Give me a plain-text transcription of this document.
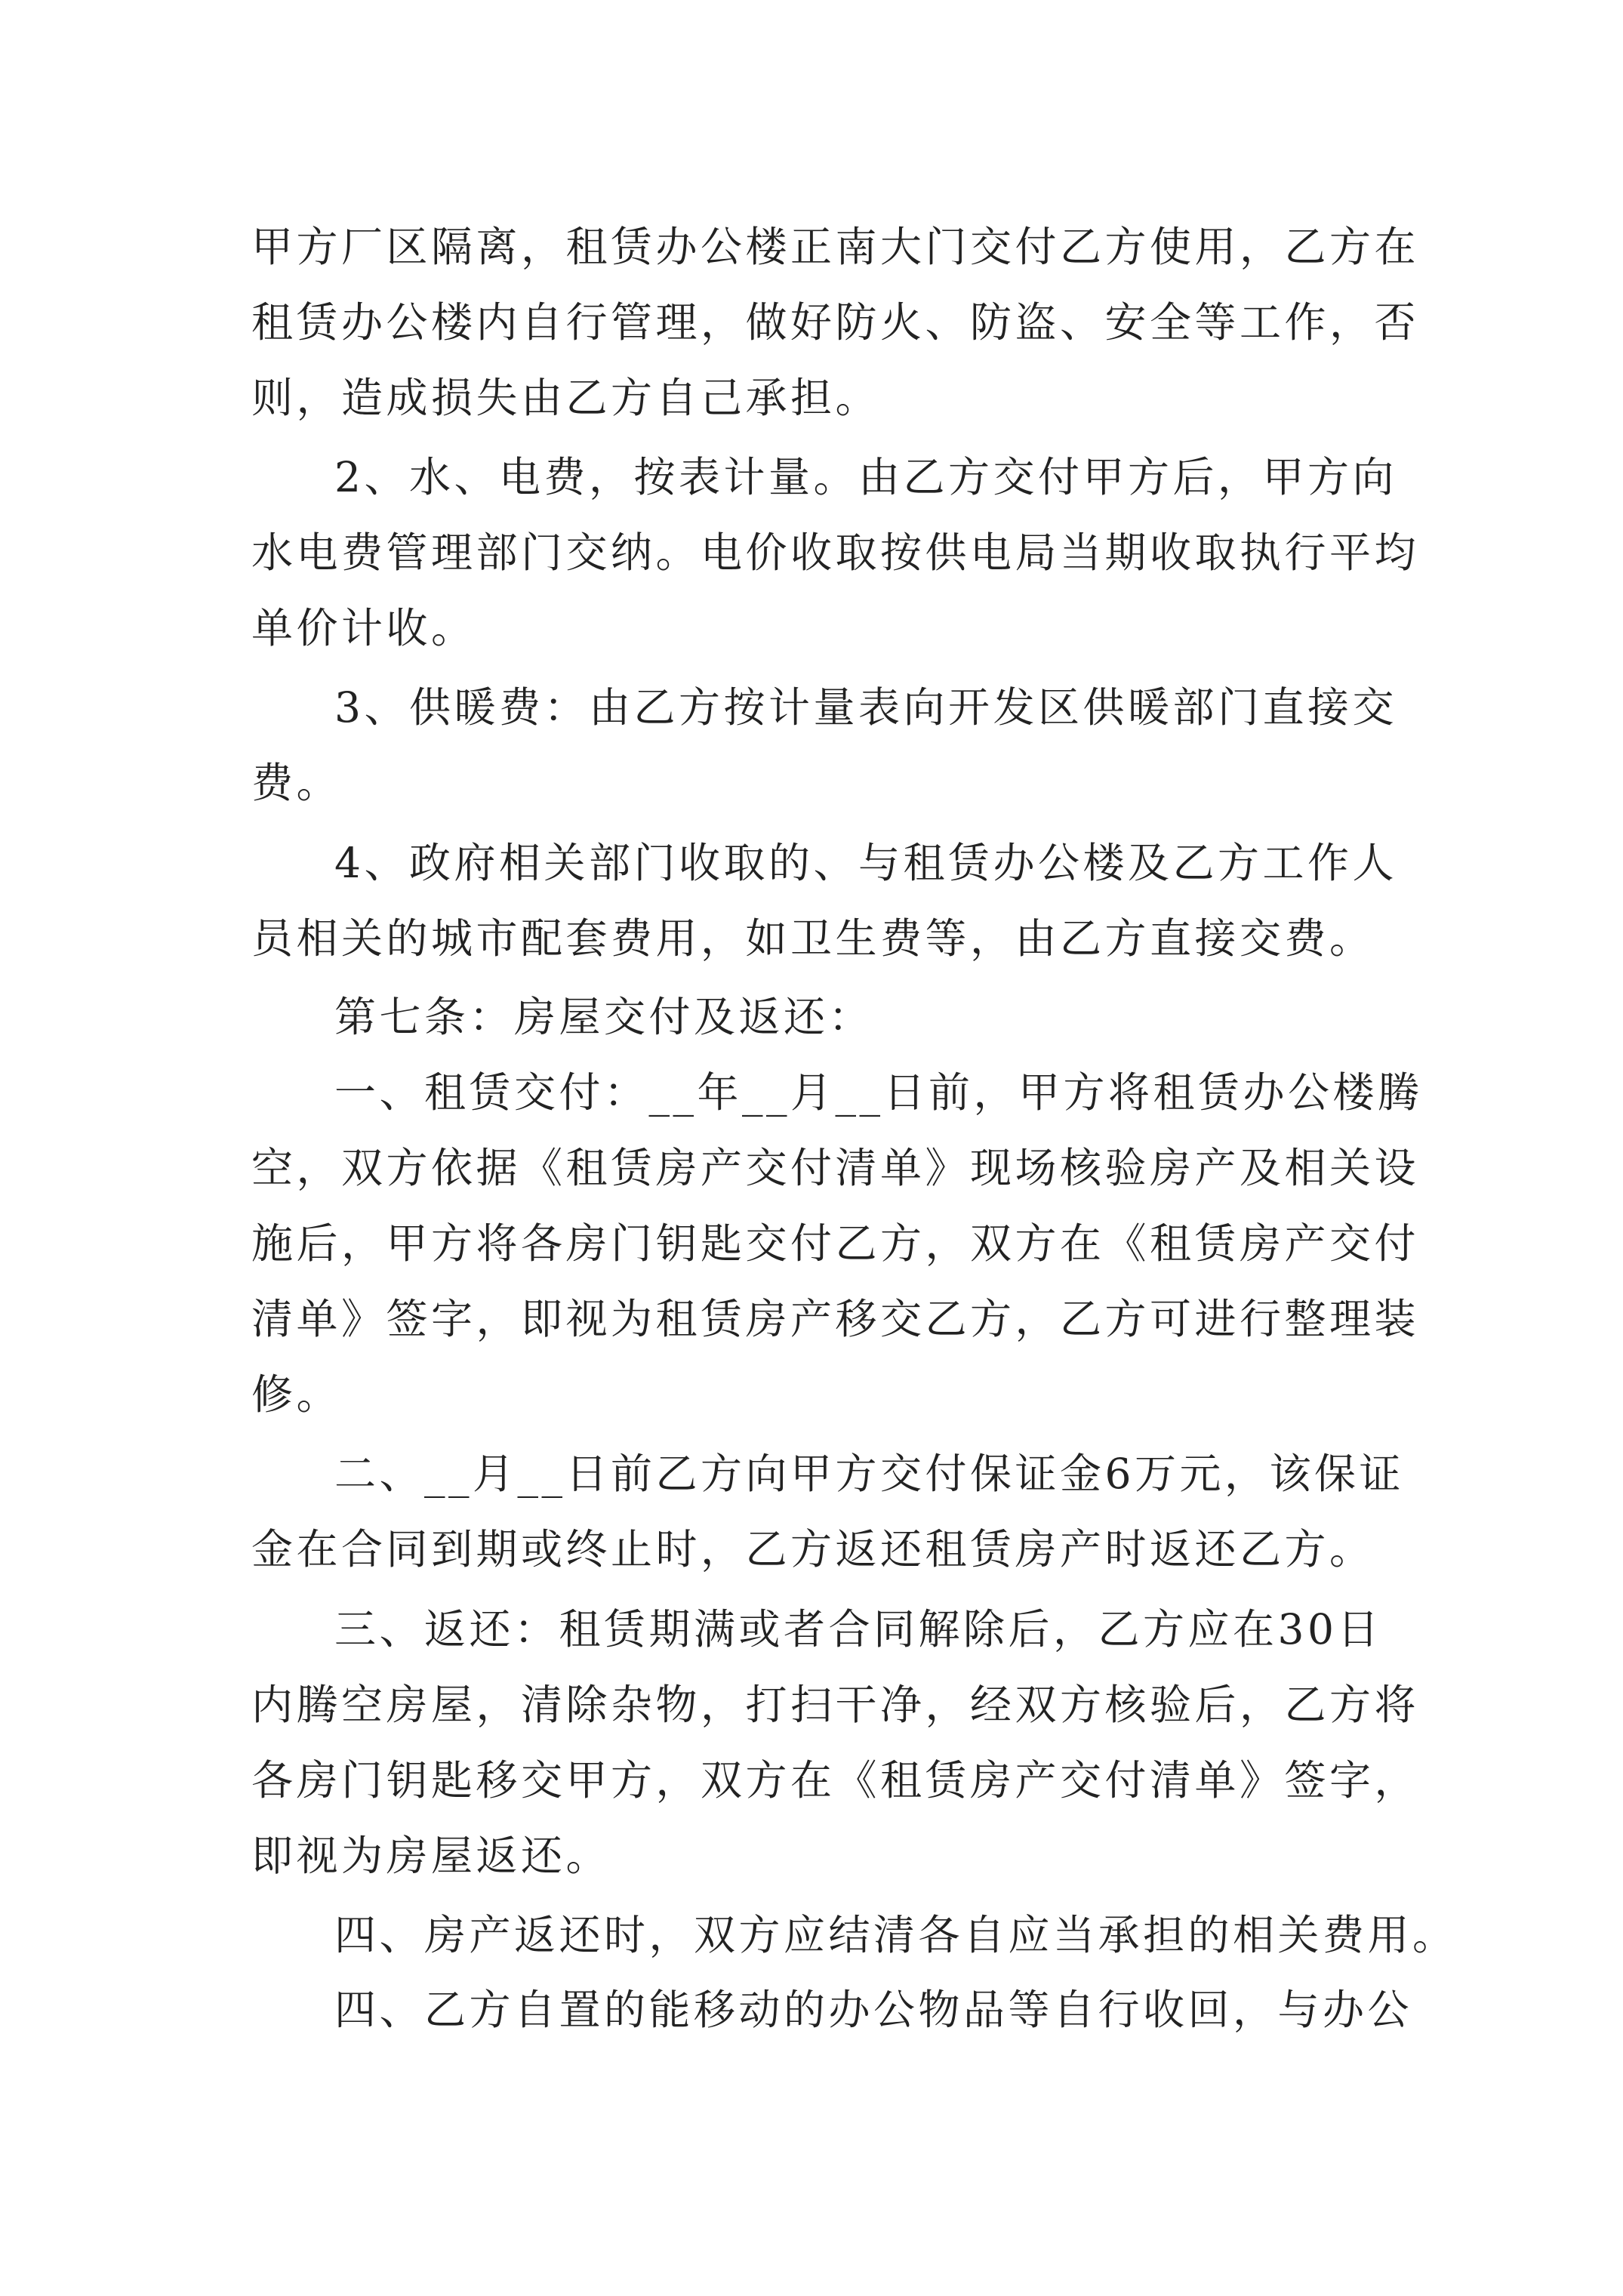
甲方厂区隔离，租赁办公楼正南大门交付乙方使用，乙方在
租赁办公楼内自行管理，做好防火、防盗、安全等工作，否
则，造成损失由乙方自己承担。
2、水、电费，按表计量。由乙方交付甲方后，甲方向
水电费管理部门交纳。电价收取按供电局当期收取执行平均
单价计收。
3、供暖费：由乙方按计量表向开发区供暖部门直接交
费。
4、政府相关部门收取的、与租赁办公楼及乙方工作人
员相关的城市配套费用，如卫生费等，由乙方直接交费。
第七条：房屋交付及返还：
一、租赁交付：__年__月__日前，甲方将租赁办公楼腾
空，双方依据《租赁房产交付清单》现场核验房产及相关设
施后，甲方将各房门钥匙交付乙方，双方在《租赁房产交付
清单》签字，即视为租赁房产移交乙方，乙方可进行整理装
修。
二、__月__日前乙方向甲方交付保证金6万元，该保证
金在合同到期或终止时，乙方返还租赁房产时返还乙方。
三、返还：租赁期满或者合同解除后，乙方应在30日
内腾空房屋，清除杂物，打扫干净，经双方核验后，乙方将
各房门钥匙移交甲方，双方在《租赁房产交付清单》签字，
即视为房屋返还。
四、房产返还时，双方应结清各自应当承担的相关费用。
四、乙方自置的能移动的办公物品等自行收回，与办公
